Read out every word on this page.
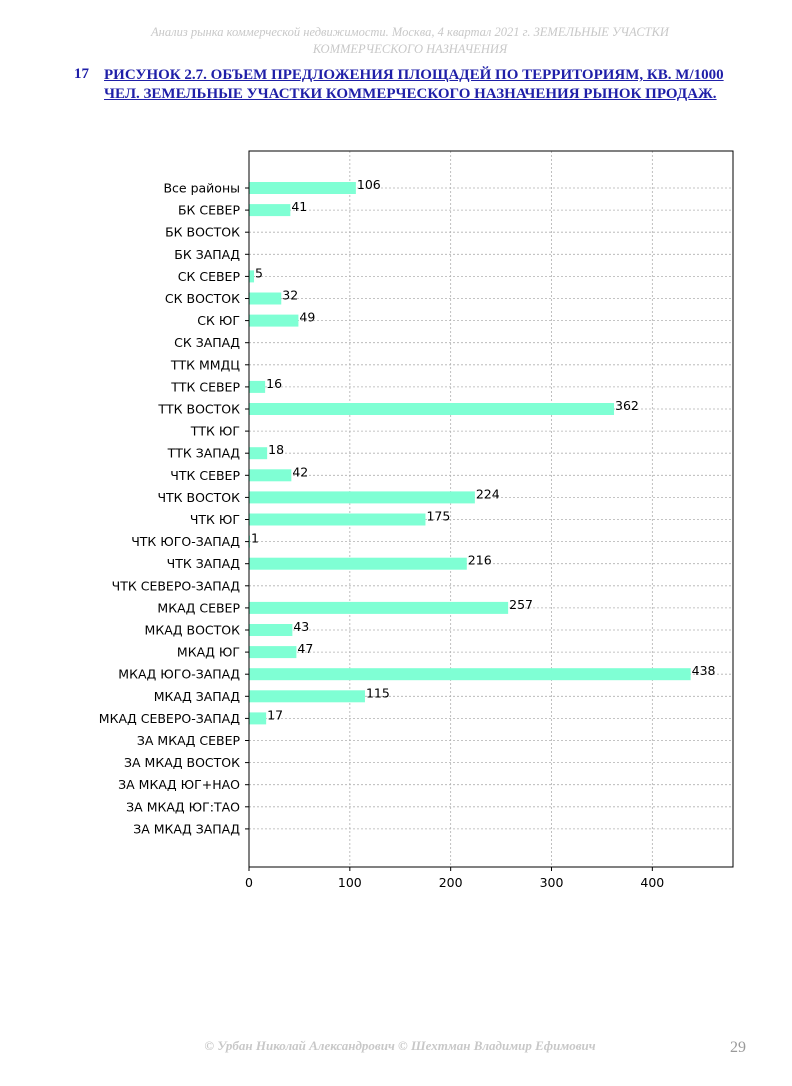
Анализ рынка коммерческой недвижимости. Москва, 4 квартал 2021 г. ЗЕМЕЛЬНЫЕ УЧАСТКИ
КОММЕРЧЕСКОГО НАЗНАЧЕНИЯ
17 РИСУНОК 2.7. ОБЪЕМ ПРЕДЛОЖЕНИЯ ПЛОЩАДЕЙ ПО ТЕРРИТОРИЯМ, КВ. М/1000 ЧЕЛ. ЗЕМЕЛЬНЫЕ УЧАСТКИ КОММЕРЧЕСКОГО НАЗНАЧЕНИЯ РЫНОК ПРОДАЖ.
106
41
5
32
49
16
362
18
42
224
175
1
216
257
43
47
438
115
17
Все районы
БК СЕВЕР
БК ВОСТОК
БК ЗАПАД
СК СЕВЕР
СК ВОСТОК
СК ЮГ
СК ЗАПАД
ТТК ММДЦ
ТТК СЕВЕР
ТТК ВОСТОК
ТТК ЮГ
ТТК ЗАПАД
ЧТК СЕВЕР
ЧТК ВОСТОК
ЧТК ЮГ
ЧТК ЮГО-ЗАПАД
ЧТК ЗАПАД
ЧТК СЕВЕРО-ЗАПАД
МКАД СЕВЕР
МКАД ВОСТОК
МКАД ЮГ
МКАД ЮГО-ЗАПАД
МКАД ЗАПАД
МКАД СЕВЕРО-ЗАПАД
ЗА МКАД СЕВЕР
ЗА МКАД ВОСТОК
ЗА МКАД ЮГ+НАО
ЗА МКАД ЮГ:ТАО
ЗА МКАД ЗАПАД
0	100	200	300	400
© Урбан Николай Александрович © Шехтман Владимир Ефимович	29
